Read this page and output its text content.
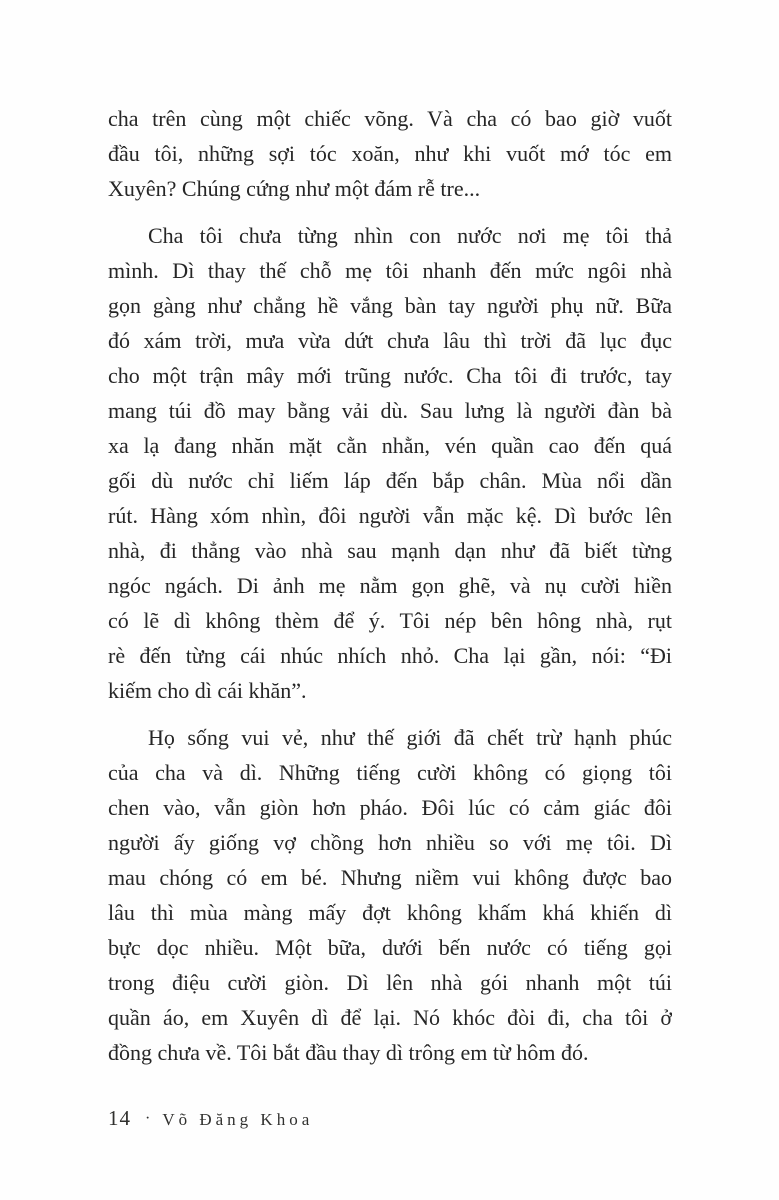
cha trên cùng một chiếc võng. Và cha có bao giờ vuốt
đầu tôi, những sợi tóc xoăn, như khi vuốt mớ tóc em
Xuyên? Chúng cứng như một đám rễ tre...
Cha tôi chưa từng nhìn con nước nơi mẹ tôi thả
mình. Dì thay thế chỗ mẹ tôi nhanh đến mức ngôi nhà
gọn gàng như chẳng hề vắng bàn tay người phụ nữ. Bữa
đó xám trời, mưa vừa dứt chưa lâu thì trời đã lục đục
cho một trận mây mới trũng nước. Cha tôi đi trước, tay
mang túi đồ may bằng vải dù. Sau lưng là người đàn bà
xa lạ đang nhăn mặt cằn nhằn, vén quần cao đến quá
gối dù nước chỉ liếm láp đến bắp chân. Mùa nổi dần
rút. Hàng xóm nhìn, đôi người vẫn mặc kệ. Dì bước lên
nhà, đi thẳng vào nhà sau mạnh dạn như đã biết từng
ngóc ngách. Di ảnh mẹ nằm gọn ghẽ, và nụ cười hiền
có lẽ dì không thèm để ý. Tôi nép bên hông nhà, rụt
rè đến từng cái nhúc nhích nhỏ. Cha lại gần, nói: “Đi
kiếm cho dì cái khăn”.
Họ sống vui vẻ, như thế giới đã chết trừ hạnh phúc
của cha và dì. Những tiếng cười không có giọng tôi
chen vào, vẫn giòn hơn pháo. Đôi lúc có cảm giác đôi
người ấy giống vợ chồng hơn nhiều so với mẹ tôi. Dì
mau chóng có em bé. Nhưng niềm vui không được bao
lâu thì mùa màng mấy đợt không khấm khá khiến dì
bực dọc nhiều. Một bữa, dưới bến nước có tiếng gọi
trong điệu cười giòn. Dì lên nhà gói nhanh một túi
quần áo, em Xuyên dì để lại. Nó khóc đòi đi, cha tôi ở
đồng chưa về. Tôi bắt đầu thay dì trông em từ hôm đó.
14 · Võ Đăng Khoa
